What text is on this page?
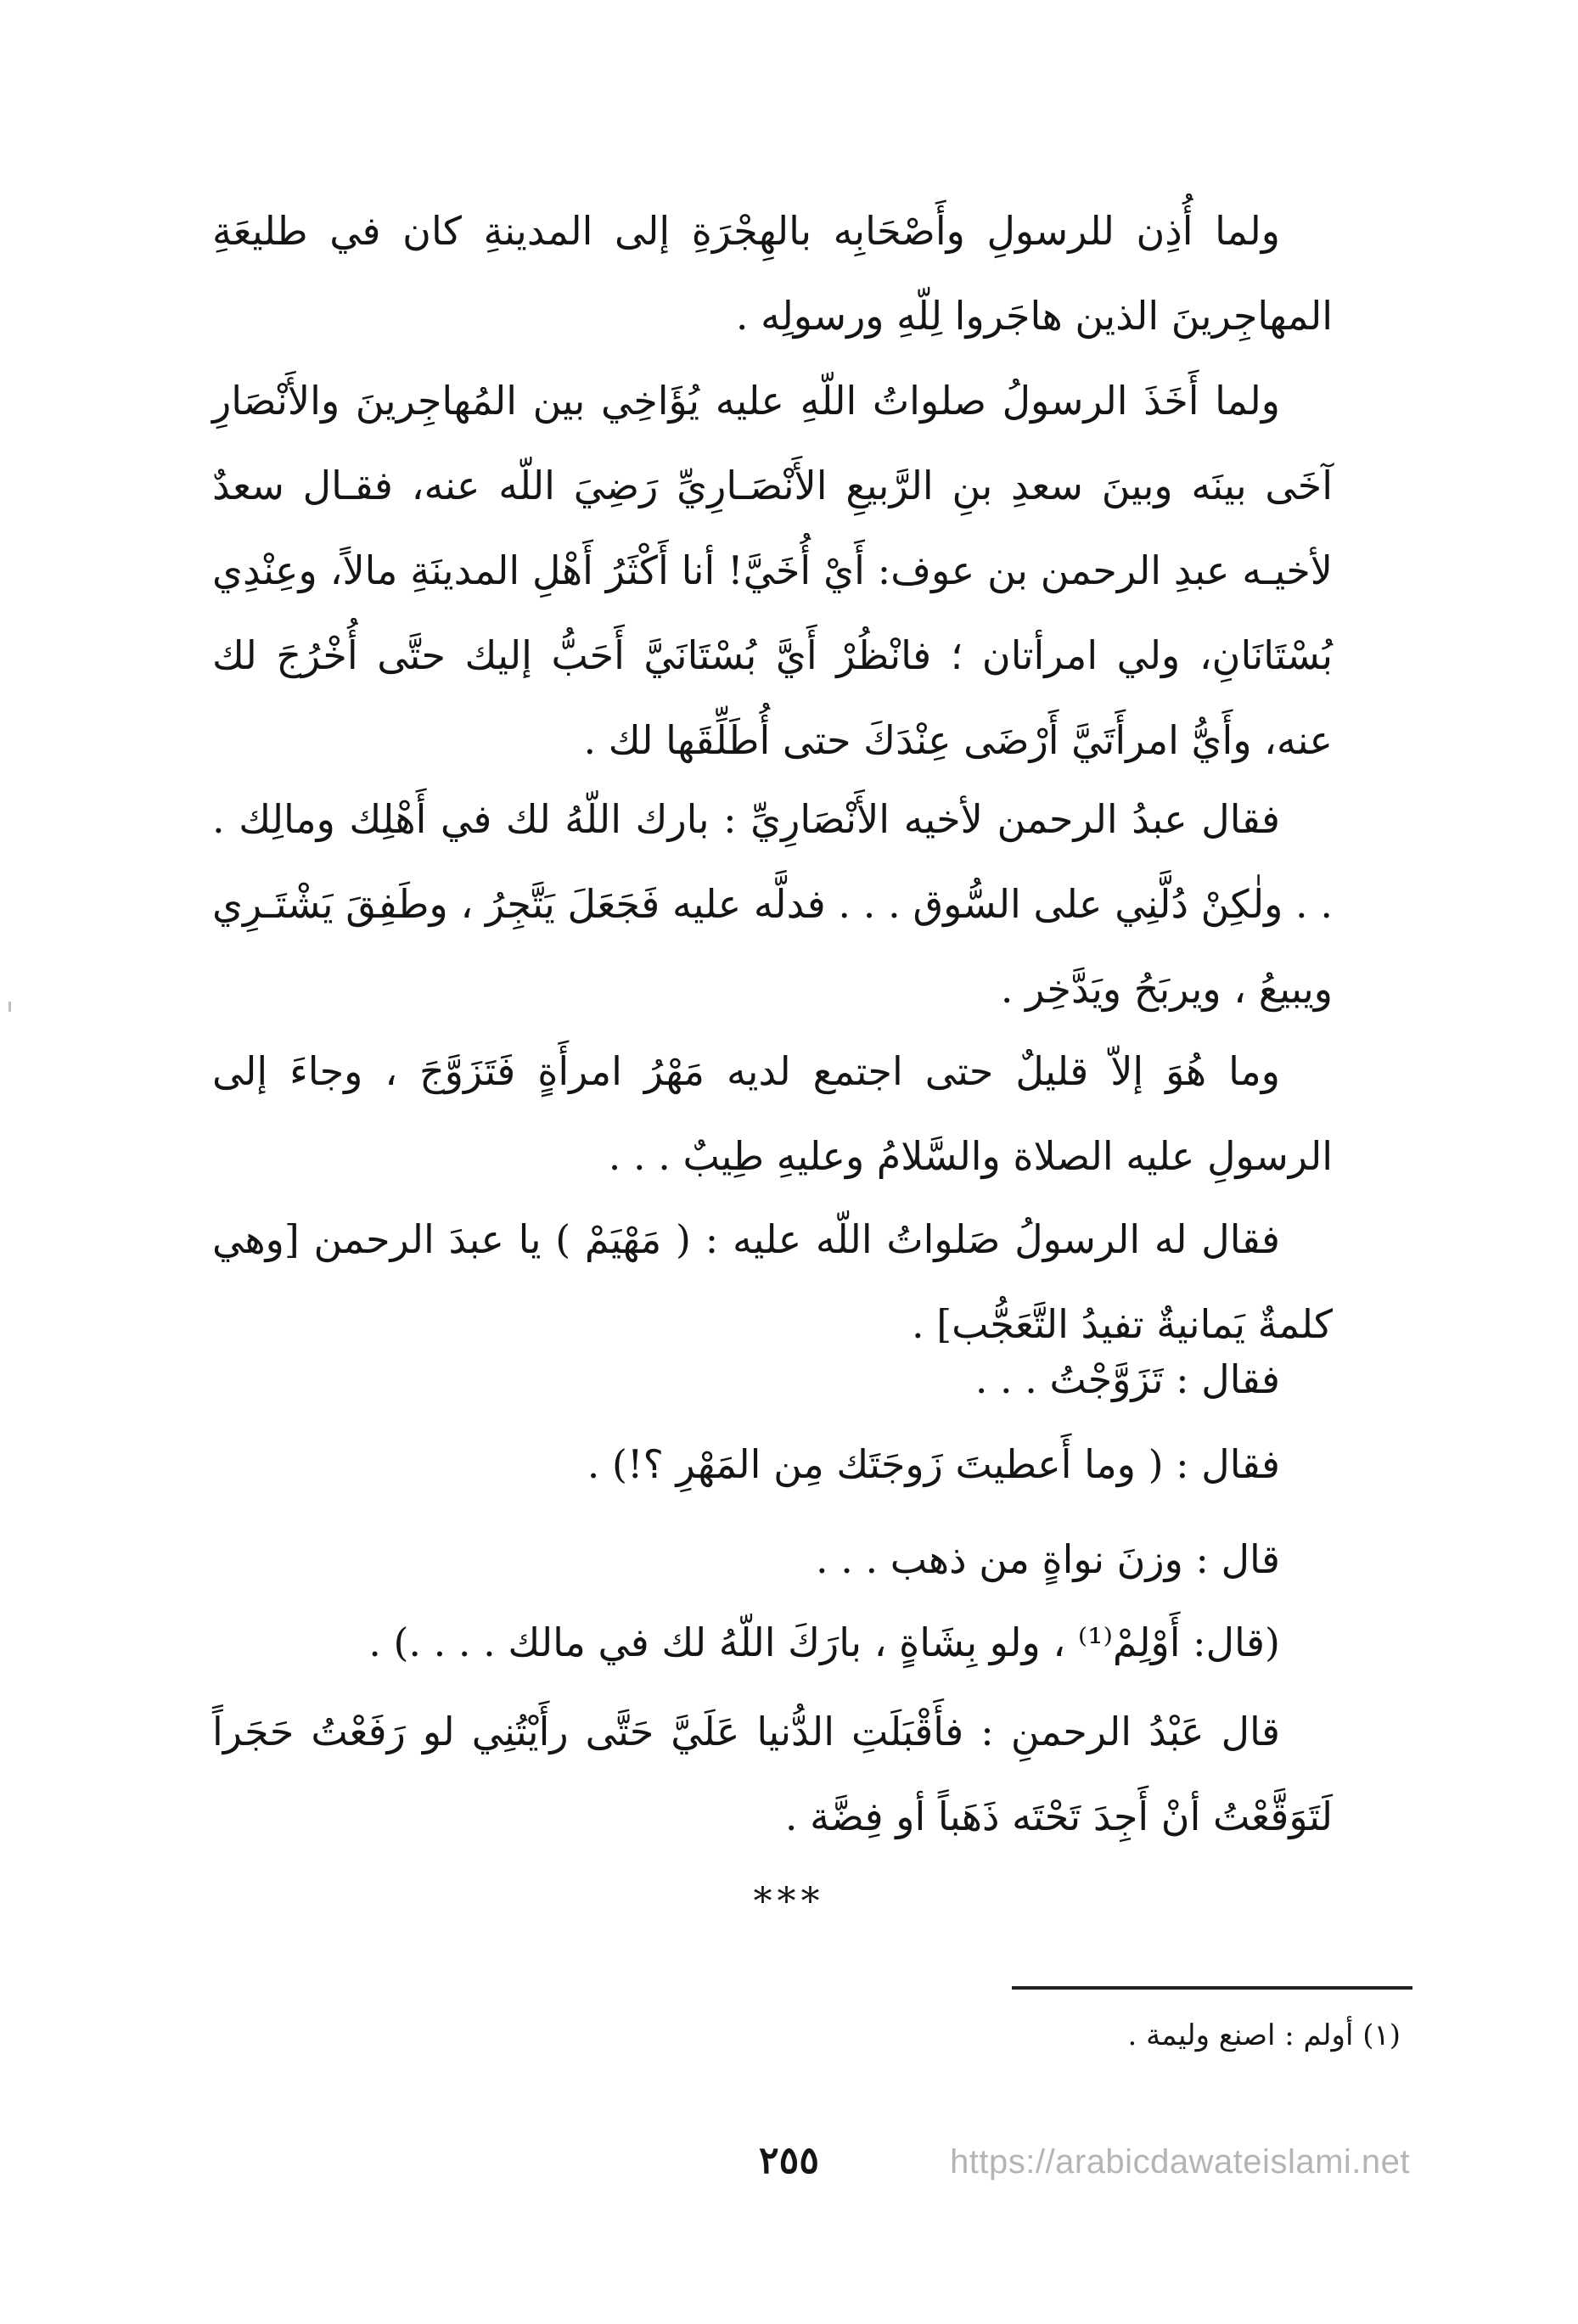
ولما أُذِن للرسولِ وأَصْحَابِه بالهِجْرَةِ إلى المدينةِ كان في طليعَةِ المهاجِرينَ الذين هاجَروا لِلّهِ ورسولِه .

ولما أَخَذَ الرسولُ صلواتُ اللّهِ عليه يُؤَاخِي بين المُهاجِرينَ والأَنْصَارِ آخَى بينَه وبينَ سعدِ بنِ الرَّبيعِ الأَنْصَـارِيِّ رَضِيَ اللّه عنه، فقـال سعدٌ لأخيـه عبدِ الرحمن بن عوف: أَيْ أُخَيَّ! أنا أَكْثَرُ أَهْلِ المدينَةِ مالاً، وعِنْدِي بُسْتَانَانِ، ولي امرأتان ؛ فانْظُرْ أَيَّ بُسْتَانَيَّ أَحَبُّ إليك حتَّى أُخْرُجَ لك عنه، وأَيُّ امرأَتَيَّ أَرْضَى عِنْدَكَ حتى أُطَلِّقَها لك .

فقال عبدُ الرحمن لأخيه الأَنْصَارِيِّ : بارك اللّهُ لك في أَهْلِك ومالِك . . . ولٰكِنْ دُلَّنِي على السُّوق . . . فدلَّه عليه فَجَعَلَ يَتَّجِرُ ، وطَفِقَ يَشْتَـرِي ويبيعُ ، ويربَحُ ويَدَّخِر .

وما هُوَ إلاّ قليلٌ حتى اجتمع لديه مَهْرُ امرأَةٍ فَتَزَوَّجَ ، وجاءَ إلى الرسولِ عليه الصلاة والسَّلامُ وعليهِ طِيبٌ . . .

فقال له الرسولُ صَلواتُ اللّه عليه : ( مَهْيَمْ ) يا عبدَ الرحمن [وهي كلمةٌ يَمانيةٌ تفيدُ التَّعَجُّب] .

فقال : تَزَوَّجْتُ . . .
فقال : ( وما أَعطيتَ زَوجَتَك مِن المَهْرِ ؟!) .
قال : وزنَ نواةٍ من ذهب . . .
(قال: أَوْلِمْ⁽¹⁾ ، ولو بِشَاةٍ ، بارَكَ اللّهُ لك في مالك . . . .) .

قال عَبْدُ الرحمنِ : فأَقْبَلَتِ الدُّنيا عَلَيَّ حَتَّى رأَيْتُنِي لو رَفَعْتُ حَجَراً لَتَوَقَّعْتُ أنْ أَجِدَ تَحْتَه ذَهَباً أو فِضَّة .

***
(١) أولم : اصنع وليمة .
٢٥٥	https://arabicdawateislami.net
